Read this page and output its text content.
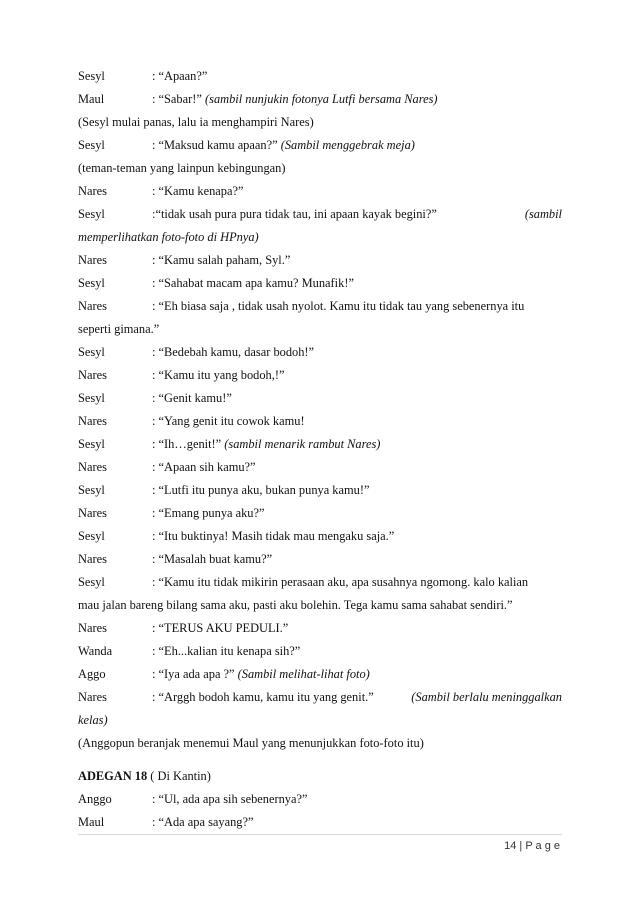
Sesyl	: “Apaan?”
Maul	: “Sabar!” (sambil nunjukin fotonya Lutfi bersama Nares)
(Sesyl mulai panas, lalu ia menghampiri Nares)
Sesyl	: “Maksud kamu apaan?” (Sambil menggebrak meja)
(teman-teman yang lainpun kebingungan)
Nares	: “Kamu kenapa?”
Sesyl	:“tidak usah pura pura tidak tau, ini apaan kayak begini?”	(sambil
memperlihatkan foto-foto di HPnya)
Nares	: “Kamu salah paham, Syl.”
Sesyl	: “Sahabat macam apa kamu? Munafik!”
Nares	: “Eh biasa saja , tidak usah nyolot. Kamu itu tidak tau yang sebenernya itu
seperti gimana.”
Sesyl	: “Bedebah kamu, dasar bodoh!”
Nares	: “Kamu itu yang bodoh,!”
Sesyl	: “Genit kamu!”
Nares	: “Yang genit itu cowok kamu!
Sesyl	: “Ih…genit!” (sambil menarik rambut Nares)
Nares	: “Apaan sih kamu?”
Sesyl	: “Lutfi itu punya aku, bukan punya kamu!”
Nares	: “Emang punya aku?”
Sesyl	: “Itu buktinya! Masih tidak mau mengaku saja.”
Nares	: “Masalah buat kamu?”
Sesyl	: “Kamu itu tidak mikirin perasaan aku, apa susahnya ngomong. kalo kalian
mau jalan bareng bilang sama aku, pasti aku bolehin. Tega kamu sama sahabat sendiri.”
Nares	: “TERUS AKU PEDULI.”
Wanda	: “Eh...kalian itu kenapa sih?”
Aggo	: “Iya ada apa ?” (Sambil melihat-lihat foto)
Nares	: “Arggh bodoh kamu, kamu itu yang genit.”	(Sambil berlalu meninggalkan
kelas)
(Anggopun beranjak menemui Maul yang menunjukkan foto-foto itu)
ADEGAN 18 ( Di Kantin)
Anggo	: “Ul, ada apa sih sebenernya?”
Maul	: “Ada apa sayang?”
14 | P a g e
